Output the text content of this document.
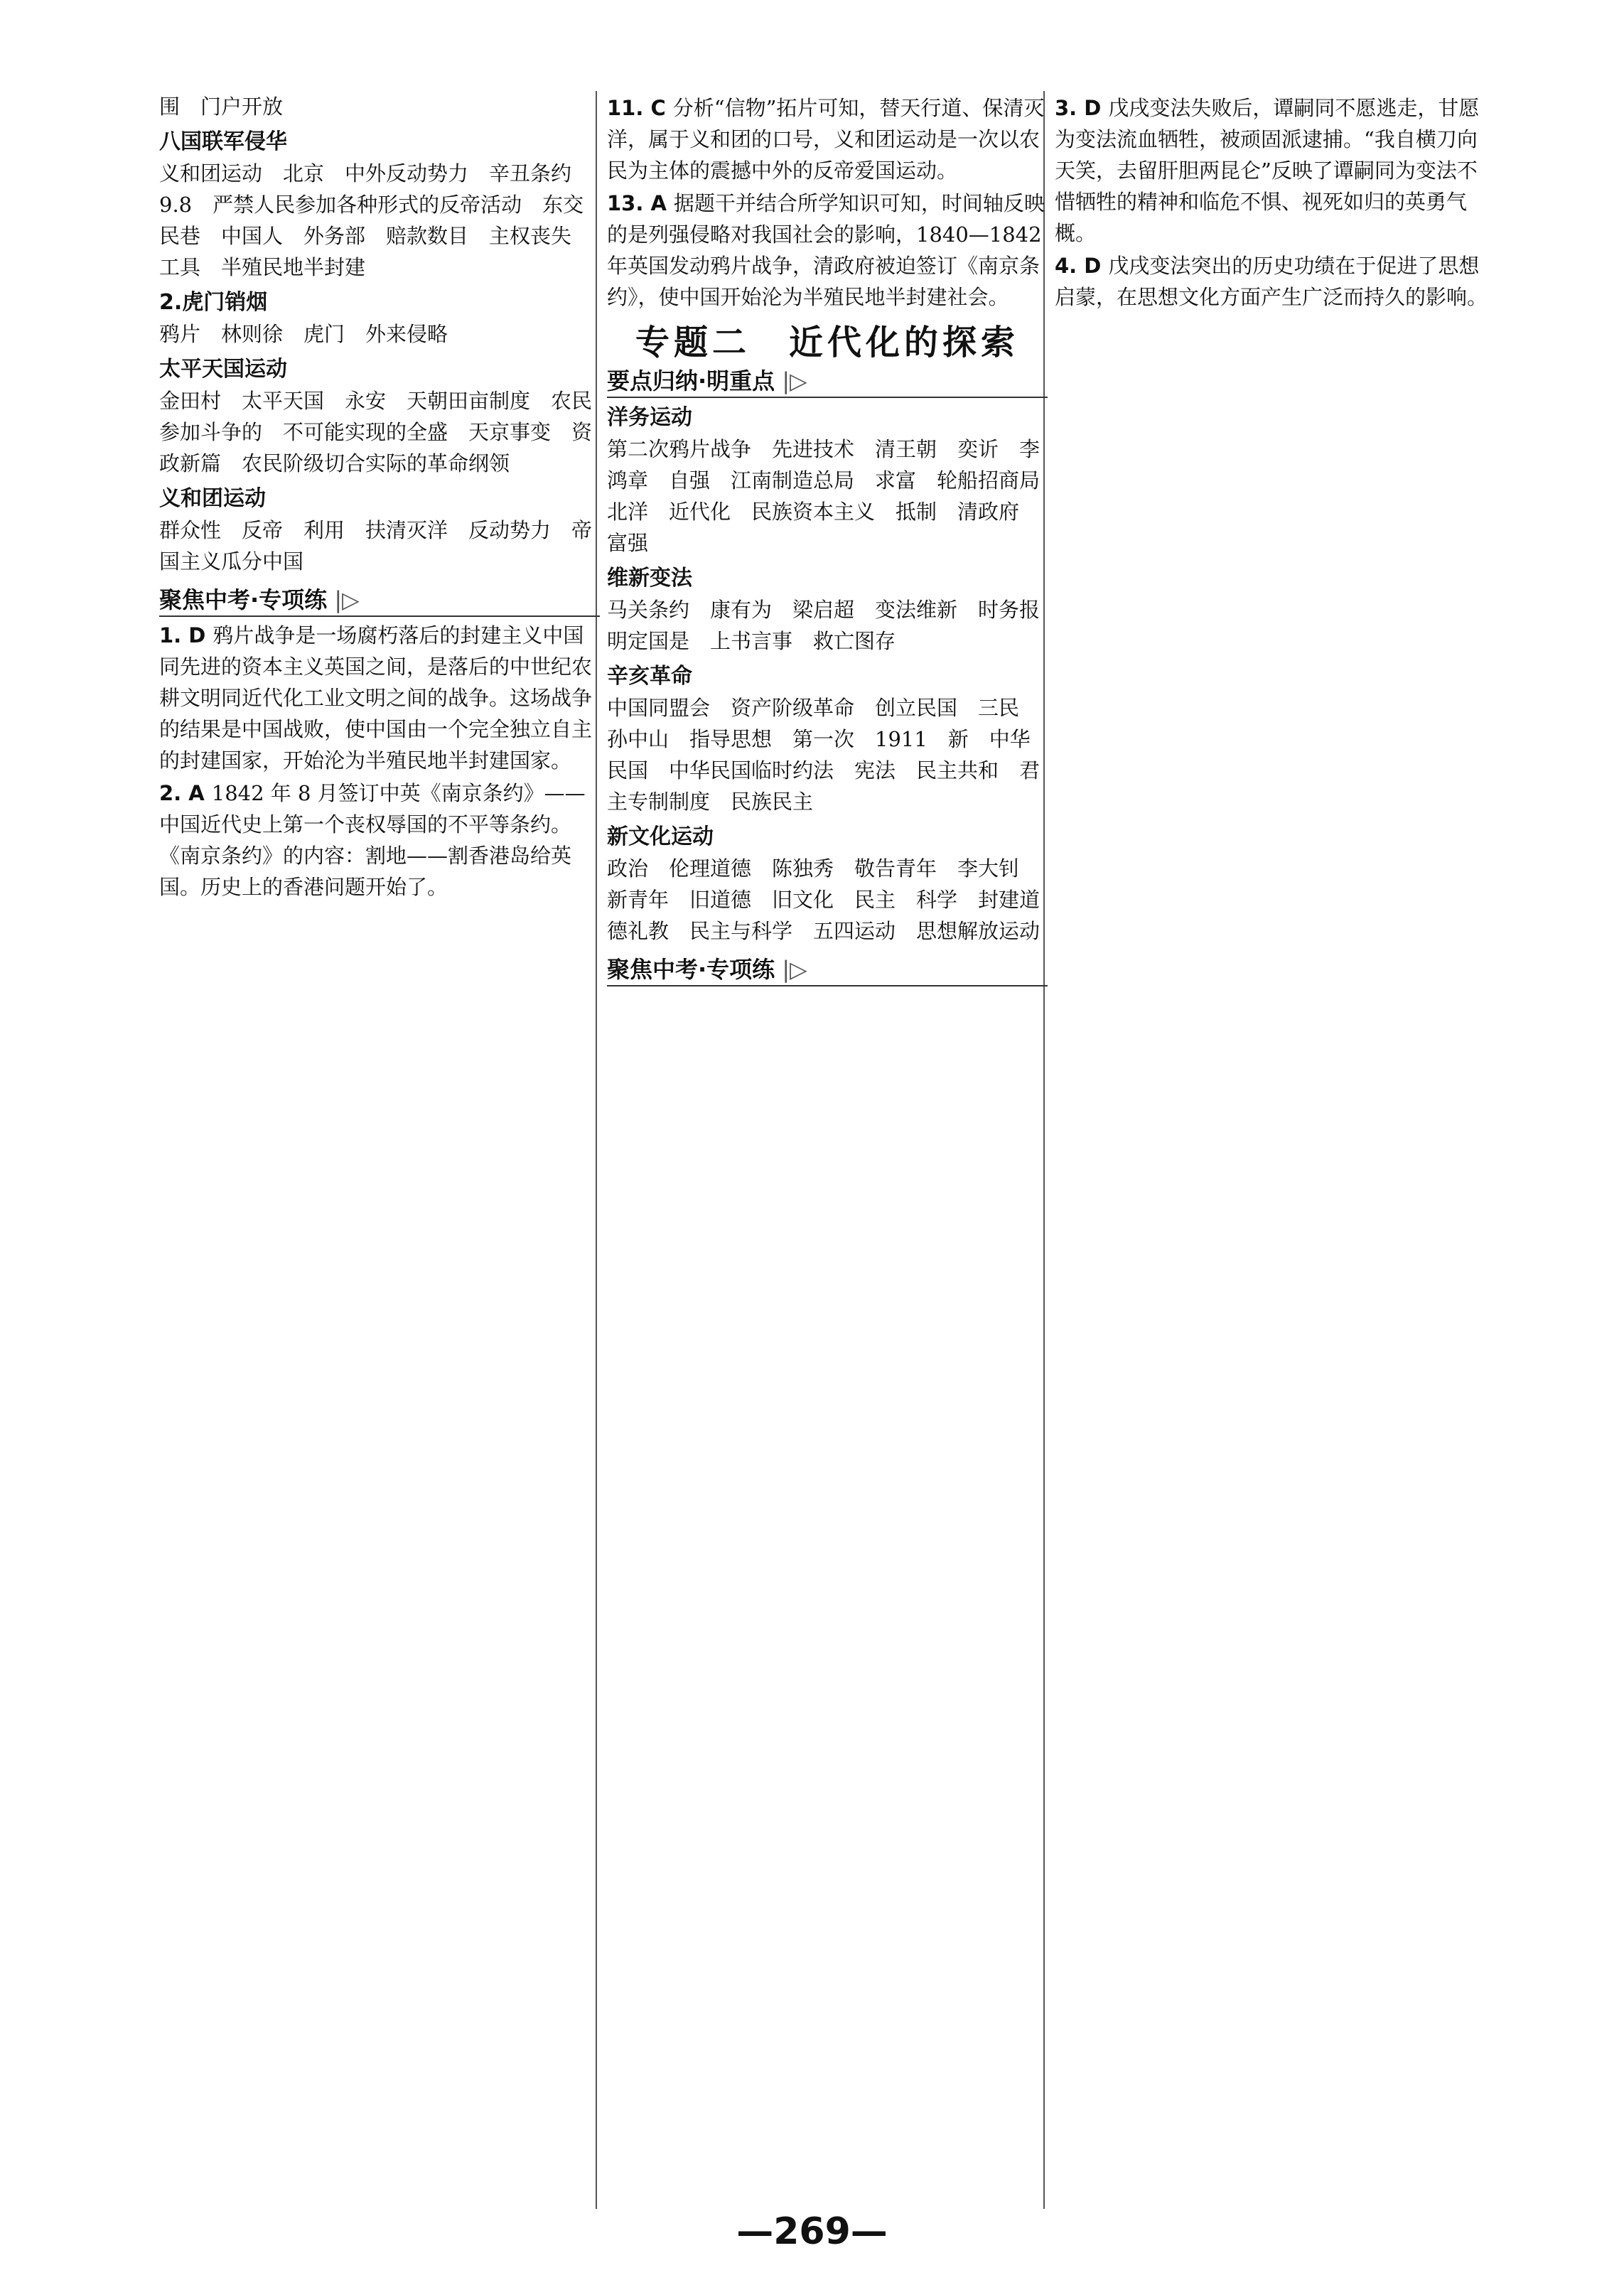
围　门户开放

八国联军侵华

义和团运动　北京　中外反动势力　辛丑条约　9.8　严禁人民参加各种形式的反帝活动　东交民巷　中国人　外务部　赔款数目　主权丧失　工具　半殖民地半封建

2.虎门销烟

鸦片　林则徐　虎门　外来侵略

太平天国运动

金田村　太平天国　永安　天朝田亩制度　农民参加斗争的　不可能实现的全盛　天京事变　资政新篇　农民阶级切合实际的革命纲领

义和团运动

群众性　反帝　利用　扶清灭洋　反动势力　帝国主义瓜分中国

聚焦中考·专项练 |▷

1. D 鸦片战争是一场腐朽落后的封建主义中国同先进的资本主义英国之间，是落后的中世纪农耕文明同近代化工业文明之间的战争。这场战争的结果是中国战败，使中国由一个完全独立自主的封建国家，开始沦为半殖民地半封建国家。

2. A 1842 年 8 月签订中英《南京条约》——中国近代史上第一个丧权辱国的不平等条约。《南京条约》的内容：割地——割香港岛给英国。历史上的香港问题开始了。

11. C 分析“信物”拓片可知，替天行道、保清灭洋，属于义和团的口号，义和团运动是一次以农民为主体的震撼中外的反帝爱国运动。

13. A 据题干并结合所学知识可知，时间轴反映的是列强侵略对我国社会的影响，1840—1842 年英国发动鸦片战争，清政府被迫签订《南京条约》，使中国开始沦为半殖民地半封建社会。

专题二　近代化的探索
要点归纳·明重点 |▷
洋务运动

第二次鸦片战争　先进技术　清王朝　奕䜣　李鸿章　自强　江南制造总局　求富　轮船招商局　北洋　近代化　民族资本主义　抵制　清政府　富强

维新变法

马关条约　康有为　梁启超　变法维新　时务报　明定国是　上书言事　救亡图存

辛亥革命

中国同盟会　资产阶级革命　创立民国　三民　孙中山　指导思想　第一次　1911　新　中华民国　中华民国临时约法　宪法　民主共和　君主专制制度　民族民主

新文化运动

政治　伦理道德　陈独秀　敬告青年　李大钊　新青年　旧道德　旧文化　民主　科学　封建道德礼教　民主与科学　五四运动　思想解放运动

聚焦中考·专项练 |▷

3. D 戊戌变法失败后，谭嗣同不愿逃走，甘愿为变法流血牺牲，被顽固派逮捕。“我自横刀向天笑，去留肝胆两昆仑”反映了谭嗣同为变法不惜牺牲的精神和临危不惧、视死如归的英勇气概。

4. D 戊戌变法突出的历史功绩在于促进了思想启蒙，在思想文化方面产生广泛而持久的影响。

—269—
